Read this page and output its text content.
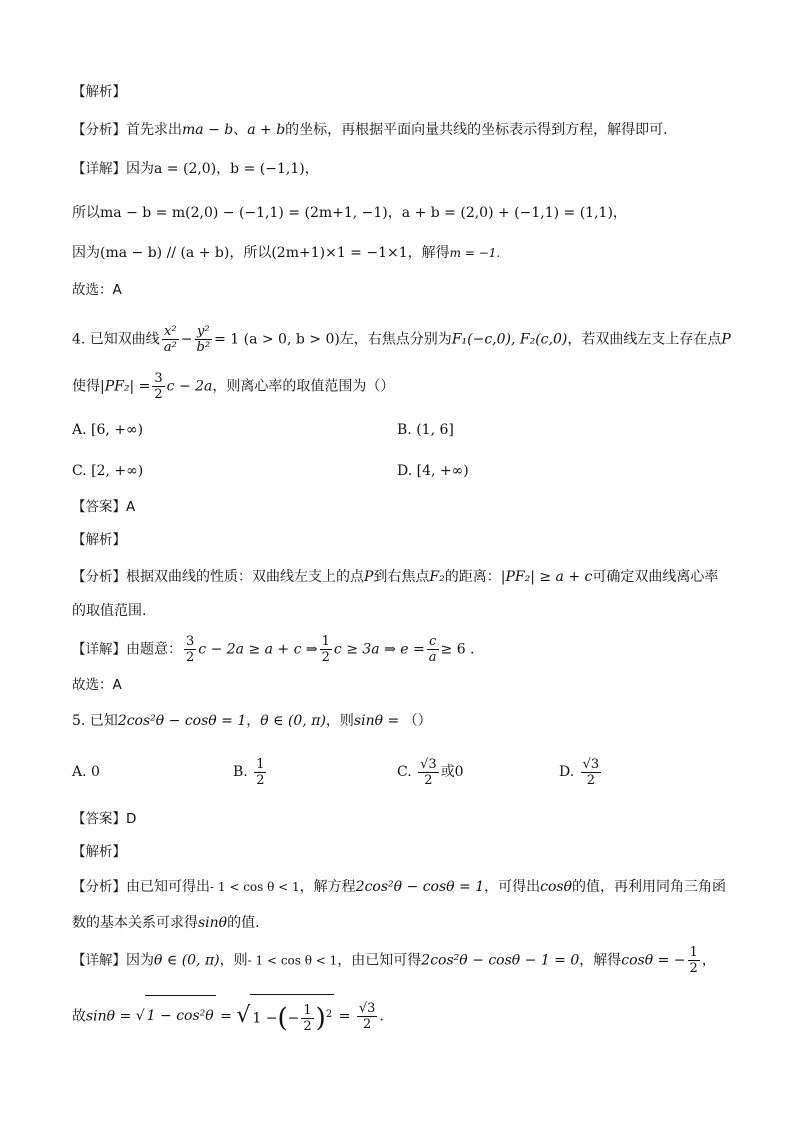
【解析】
【分析】首先求出ma − b、a + b的坐标，再根据平面向量共线的坐标表示得到方程，解得即可.
【详解】因为a = (2,0)，b = (−1,1)，
所以ma − b = m(2,0) − (−1,1) = (2m+1, −1)，a + b = (2,0) + (−1,1) = (1,1)，
因为(ma − b) // (a + b)，所以(2m+1)×1 = −1×1，解得m = −1.
故选：A
4. 已知双曲线 $\frac{\text{x²}}{\text{a²}} - \frac{\text{y²}}{\text{b²}} = 1$ (a > 0, b > 0)左，右焦点分别为F₁(−c,0), F₂(c,0)，若双曲线左支上存在点P
使得$|PF_2| = \frac{3}{2}$ c − 2a，则离心率的取值范围为（）
A. [6, +∞)	B. (1, 6]
C. [2, +∞)	D. [4, +∞)
【答案】A
【解析】
【分析】根据双曲线的性质：双曲线左支上的点P到右焦点F₂的距离：|PF₂| ≥ a + c可确定双曲线离心率
的取值范围.
【详解】由题意： $\frac{3}{2}$ c − 2a ≥ a + c ⇒ $\frac{1}{2}$ c ≥ 3a ⇒ $e = \frac{c}{a} \ge 6$ .
故选：A
5. 已知2cos²θ − cosθ = 1，θ ∈ (0, π)，则sinθ = （）
A. 0	B. $\frac{1}{2}$	C. $\frac{√3}{2}$ 或0	D. $\frac{√3}{2}$
【答案】D
【解析】
【分析】由已知可得出- 1 < cos θ < 1，解方程2cos²θ − cosθ = 1，可得出cosθ的值，再利用同角三角函
数的基本关系可求得sinθ的值.
【详解】因为θ ∈ (0, π)，则- 1 < cos θ < 1，由已知可得2cos²θ − cosθ − 1 = 0，解得cosθ = − $\frac{1}{2}$ ，
故sinθ = √ 1 − cos²θ = √ 1 −(− $\frac{1}{2} )^2 = \frac{√3}{2}$ .
